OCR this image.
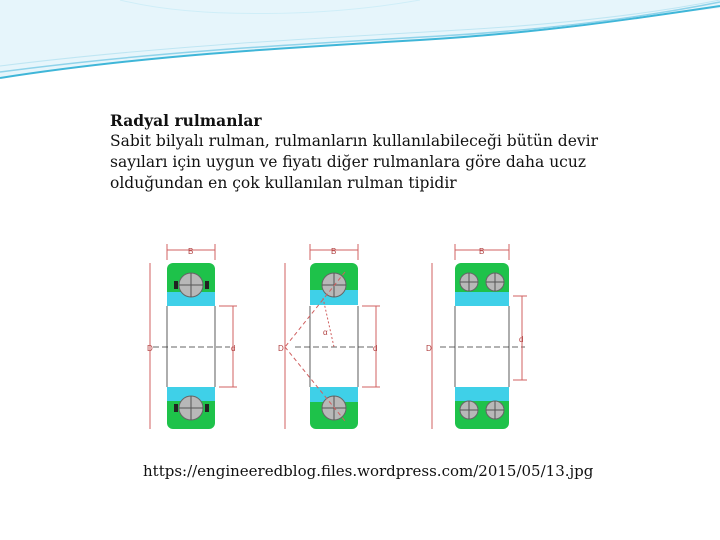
Radyal rulmanlar
Sabit bilyalı rulman, rulmanların kullanılabileceği bütün devir
sayıları için uygun ve fiyatı diğer rulmanlara göre daha ucuz
olduğundan en çok kullanılan rulman tipidir
B
D	d
B
α
D	d
B
D
d
https://engineeredblog.files.wordpress.com/2015/05/13.jpg
